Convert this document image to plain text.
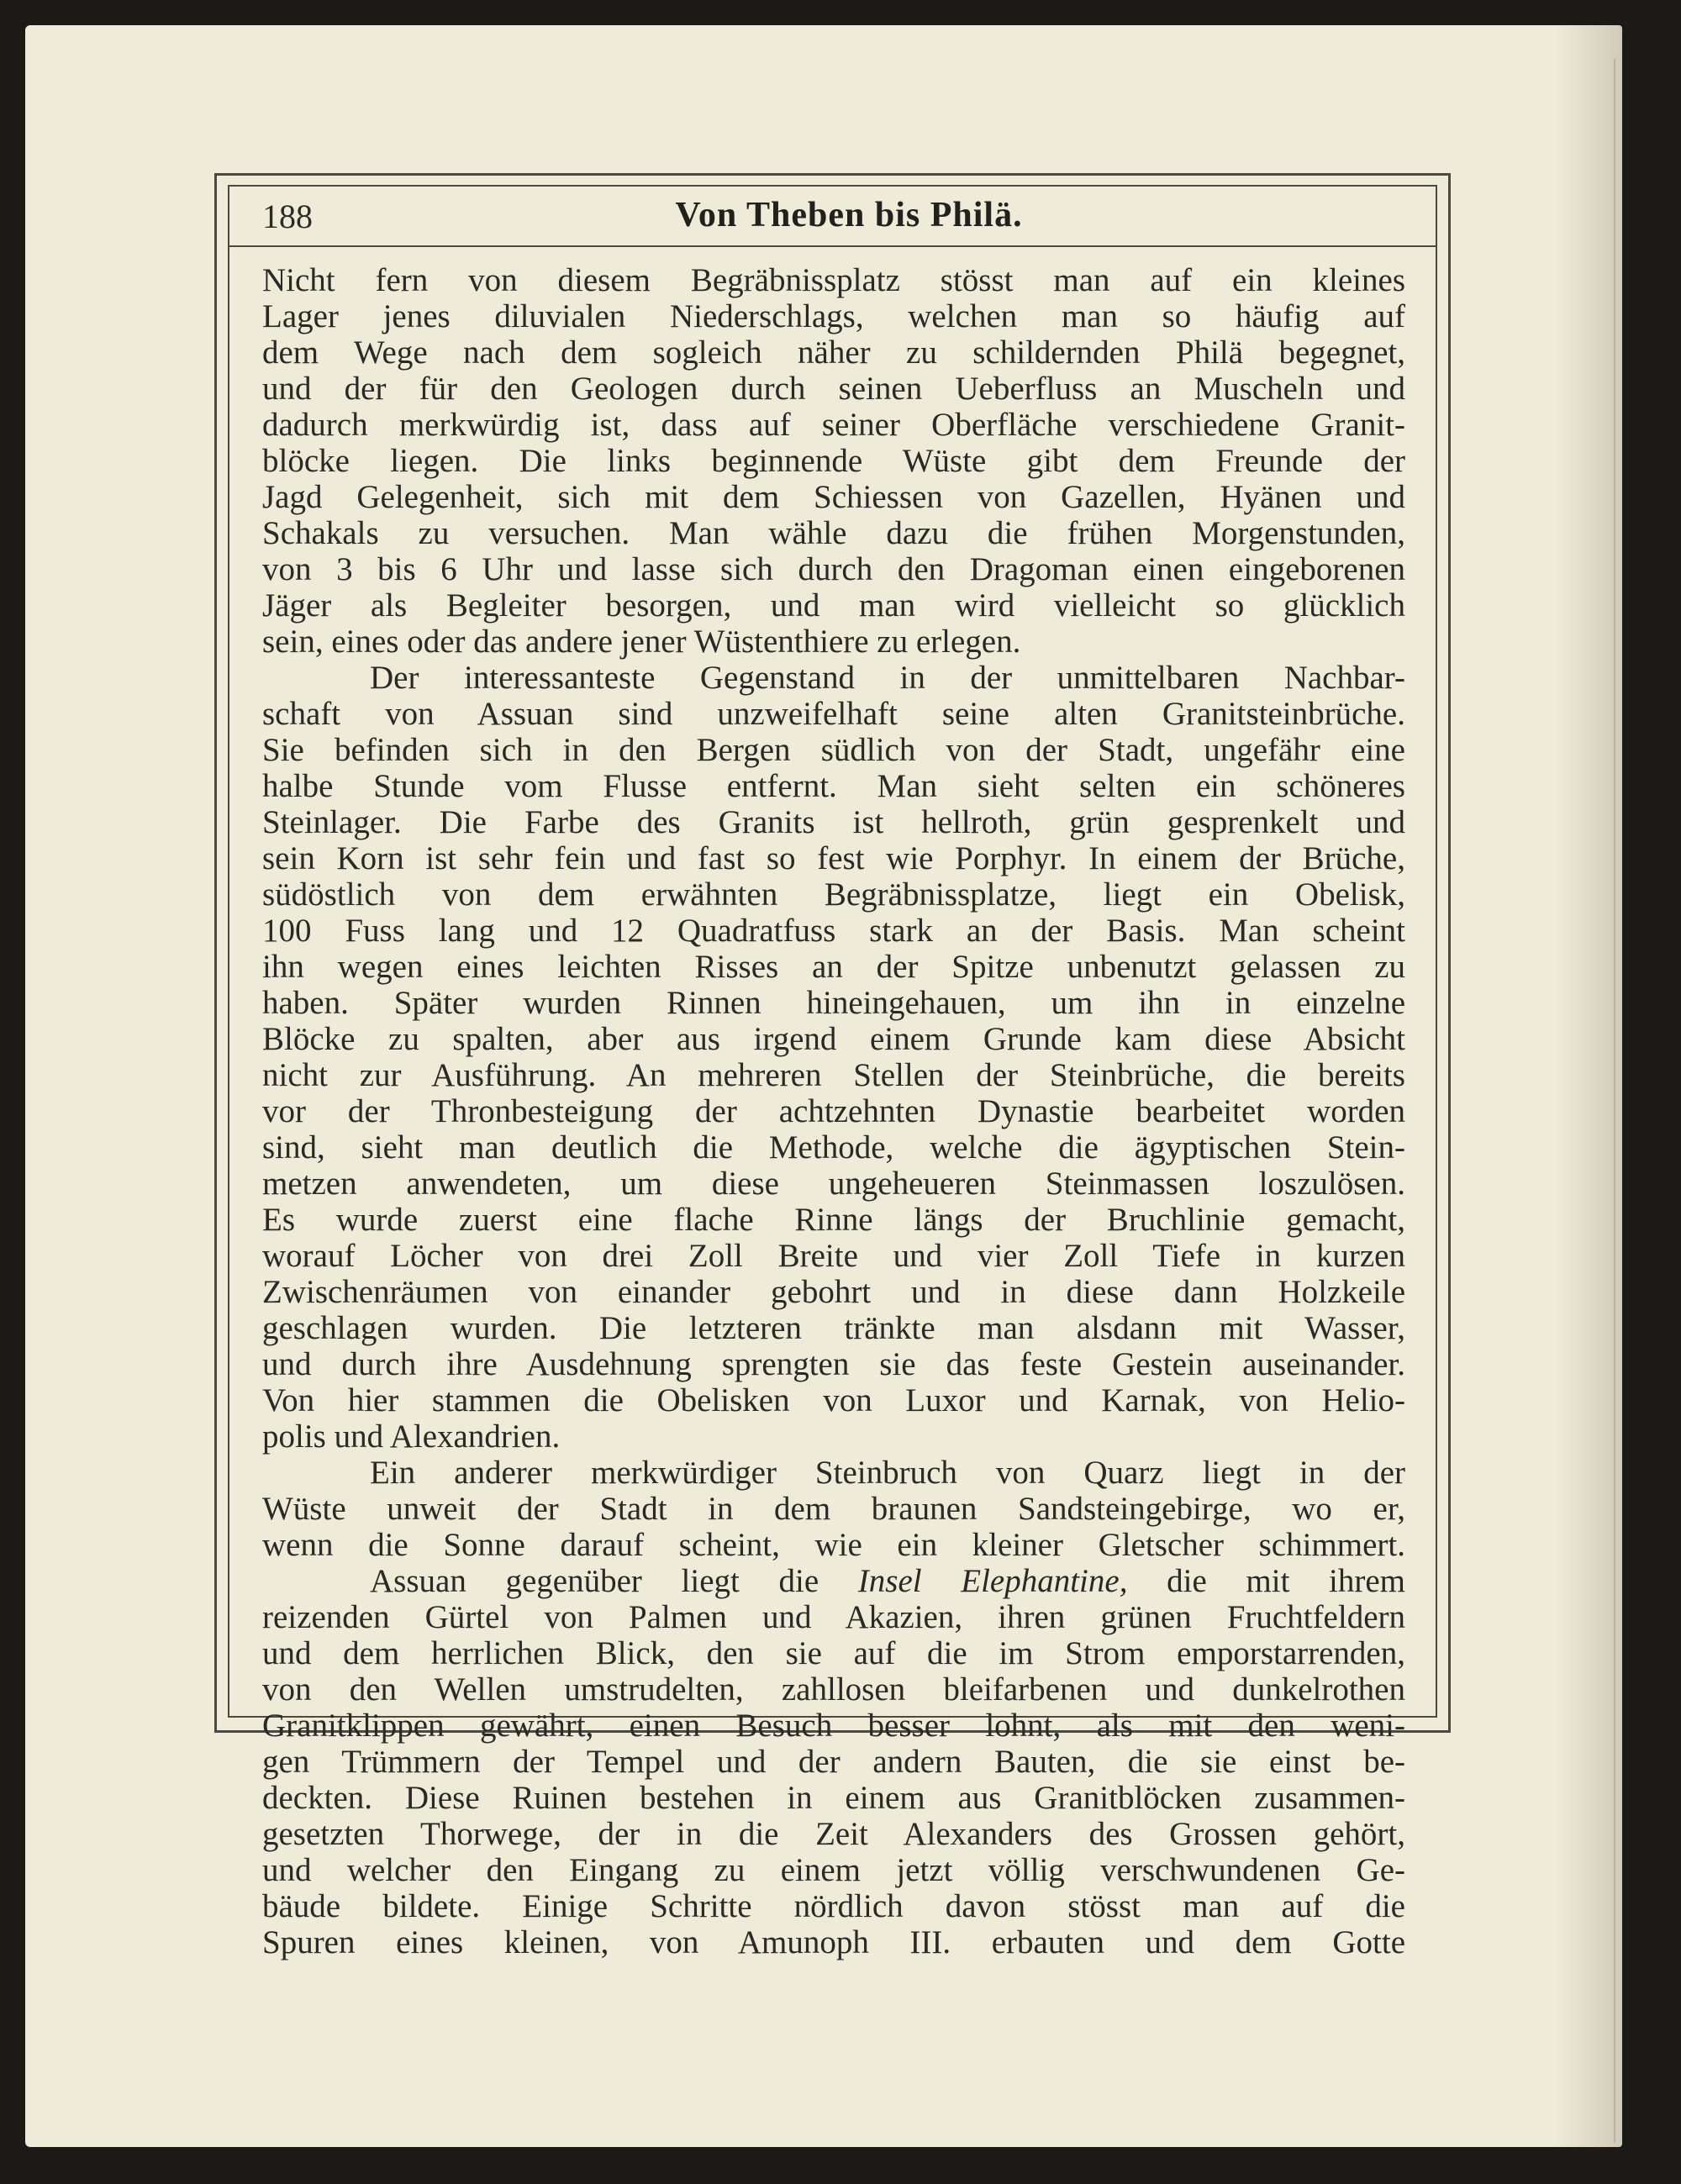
188	Von Theben bis Philä.
Nicht fern von diesem Begräbnissplatz stösst man auf ein kleines
Lager jenes diluvialen Niederschlags, welchen man so häufig auf
dem Wege nach dem sogleich näher zu schildernden Philä begegnet,
und der für den Geologen durch seinen Ueberfluss an Muscheln und
dadurch merkwürdig ist, dass auf seiner Oberfläche verschiedene Granit-
blöcke liegen. Die links beginnende Wüste gibt dem Freunde der
Jagd Gelegenheit, sich mit dem Schiessen von Gazellen, Hyänen und
Schakals zu versuchen. Man wähle dazu die frühen Morgenstunden,
von 3 bis 6 Uhr und lasse sich durch den Dragoman einen eingeborenen
Jäger als Begleiter besorgen, und man wird vielleicht so glücklich
sein, eines oder das andere jener Wüstenthiere zu erlegen.
Der interessanteste Gegenstand in der unmittelbaren Nachbar-
schaft von Assuan sind unzweifelhaft seine alten Granitsteinbrüche.
Sie befinden sich in den Bergen südlich von der Stadt, ungefähr eine
halbe Stunde vom Flusse entfernt. Man sieht selten ein schöneres
Steinlager. Die Farbe des Granits ist hellroth, grün gesprenkelt und
sein Korn ist sehr fein und fast so fest wie Porphyr. In einem der Brüche,
südöstlich von dem erwähnten Begräbnissplatze, liegt ein Obelisk,
100 Fuss lang und 12 Quadratfuss stark an der Basis. Man scheint
ihn wegen eines leichten Risses an der Spitze unbenutzt gelassen zu
haben. Später wurden Rinnen hineingehauen, um ihn in einzelne
Blöcke zu spalten, aber aus irgend einem Grunde kam diese Absicht
nicht zur Ausführung. An mehreren Stellen der Steinbrüche, die bereits
vor der Thronbesteigung der achtzehnten Dynastie bearbeitet worden
sind, sieht man deutlich die Methode, welche die ägyptischen Stein-
metzen anwendeten, um diese ungeheueren Steinmassen loszulösen.
Es wurde zuerst eine flache Rinne längs der Bruchlinie gemacht,
worauf Löcher von drei Zoll Breite und vier Zoll Tiefe in kurzen
Zwischenräumen von einander gebohrt und in diese dann Holzkeile
geschlagen wurden. Die letzteren tränkte man alsdann mit Wasser,
und durch ihre Ausdehnung sprengten sie das feste Gestein auseinander.
Von hier stammen die Obelisken von Luxor und Karnak, von Helio-
polis und Alexandrien.
Ein anderer merkwürdiger Steinbruch von Quarz liegt in der
Wüste unweit der Stadt in dem braunen Sandsteingebirge, wo er,
wenn die Sonne darauf scheint, wie ein kleiner Gletscher schimmert.
Assuan gegenüber liegt die Insel Elephantine, die mit ihrem
reizenden Gürtel von Palmen und Akazien, ihren grünen Fruchtfeldern
und dem herrlichen Blick, den sie auf die im Strom emporstarrenden,
von den Wellen umstrudelten, zahllosen bleifarbenen und dunkelrothen
Granitklippen gewährt, einen Besuch besser lohnt, als mit den weni-
gen Trümmern der Tempel und der andern Bauten, die sie einst be-
deckten. Diese Ruinen bestehen in einem aus Granitblöcken zusammen-
gesetzten Thorwege, der in die Zeit Alexanders des Grossen gehört,
und welcher den Eingang zu einem jetzt völlig verschwundenen Ge-
bäude bildete. Einige Schritte nördlich davon stösst man auf die
Spuren eines kleinen, von Amunoph III. erbauten und dem Gotte
